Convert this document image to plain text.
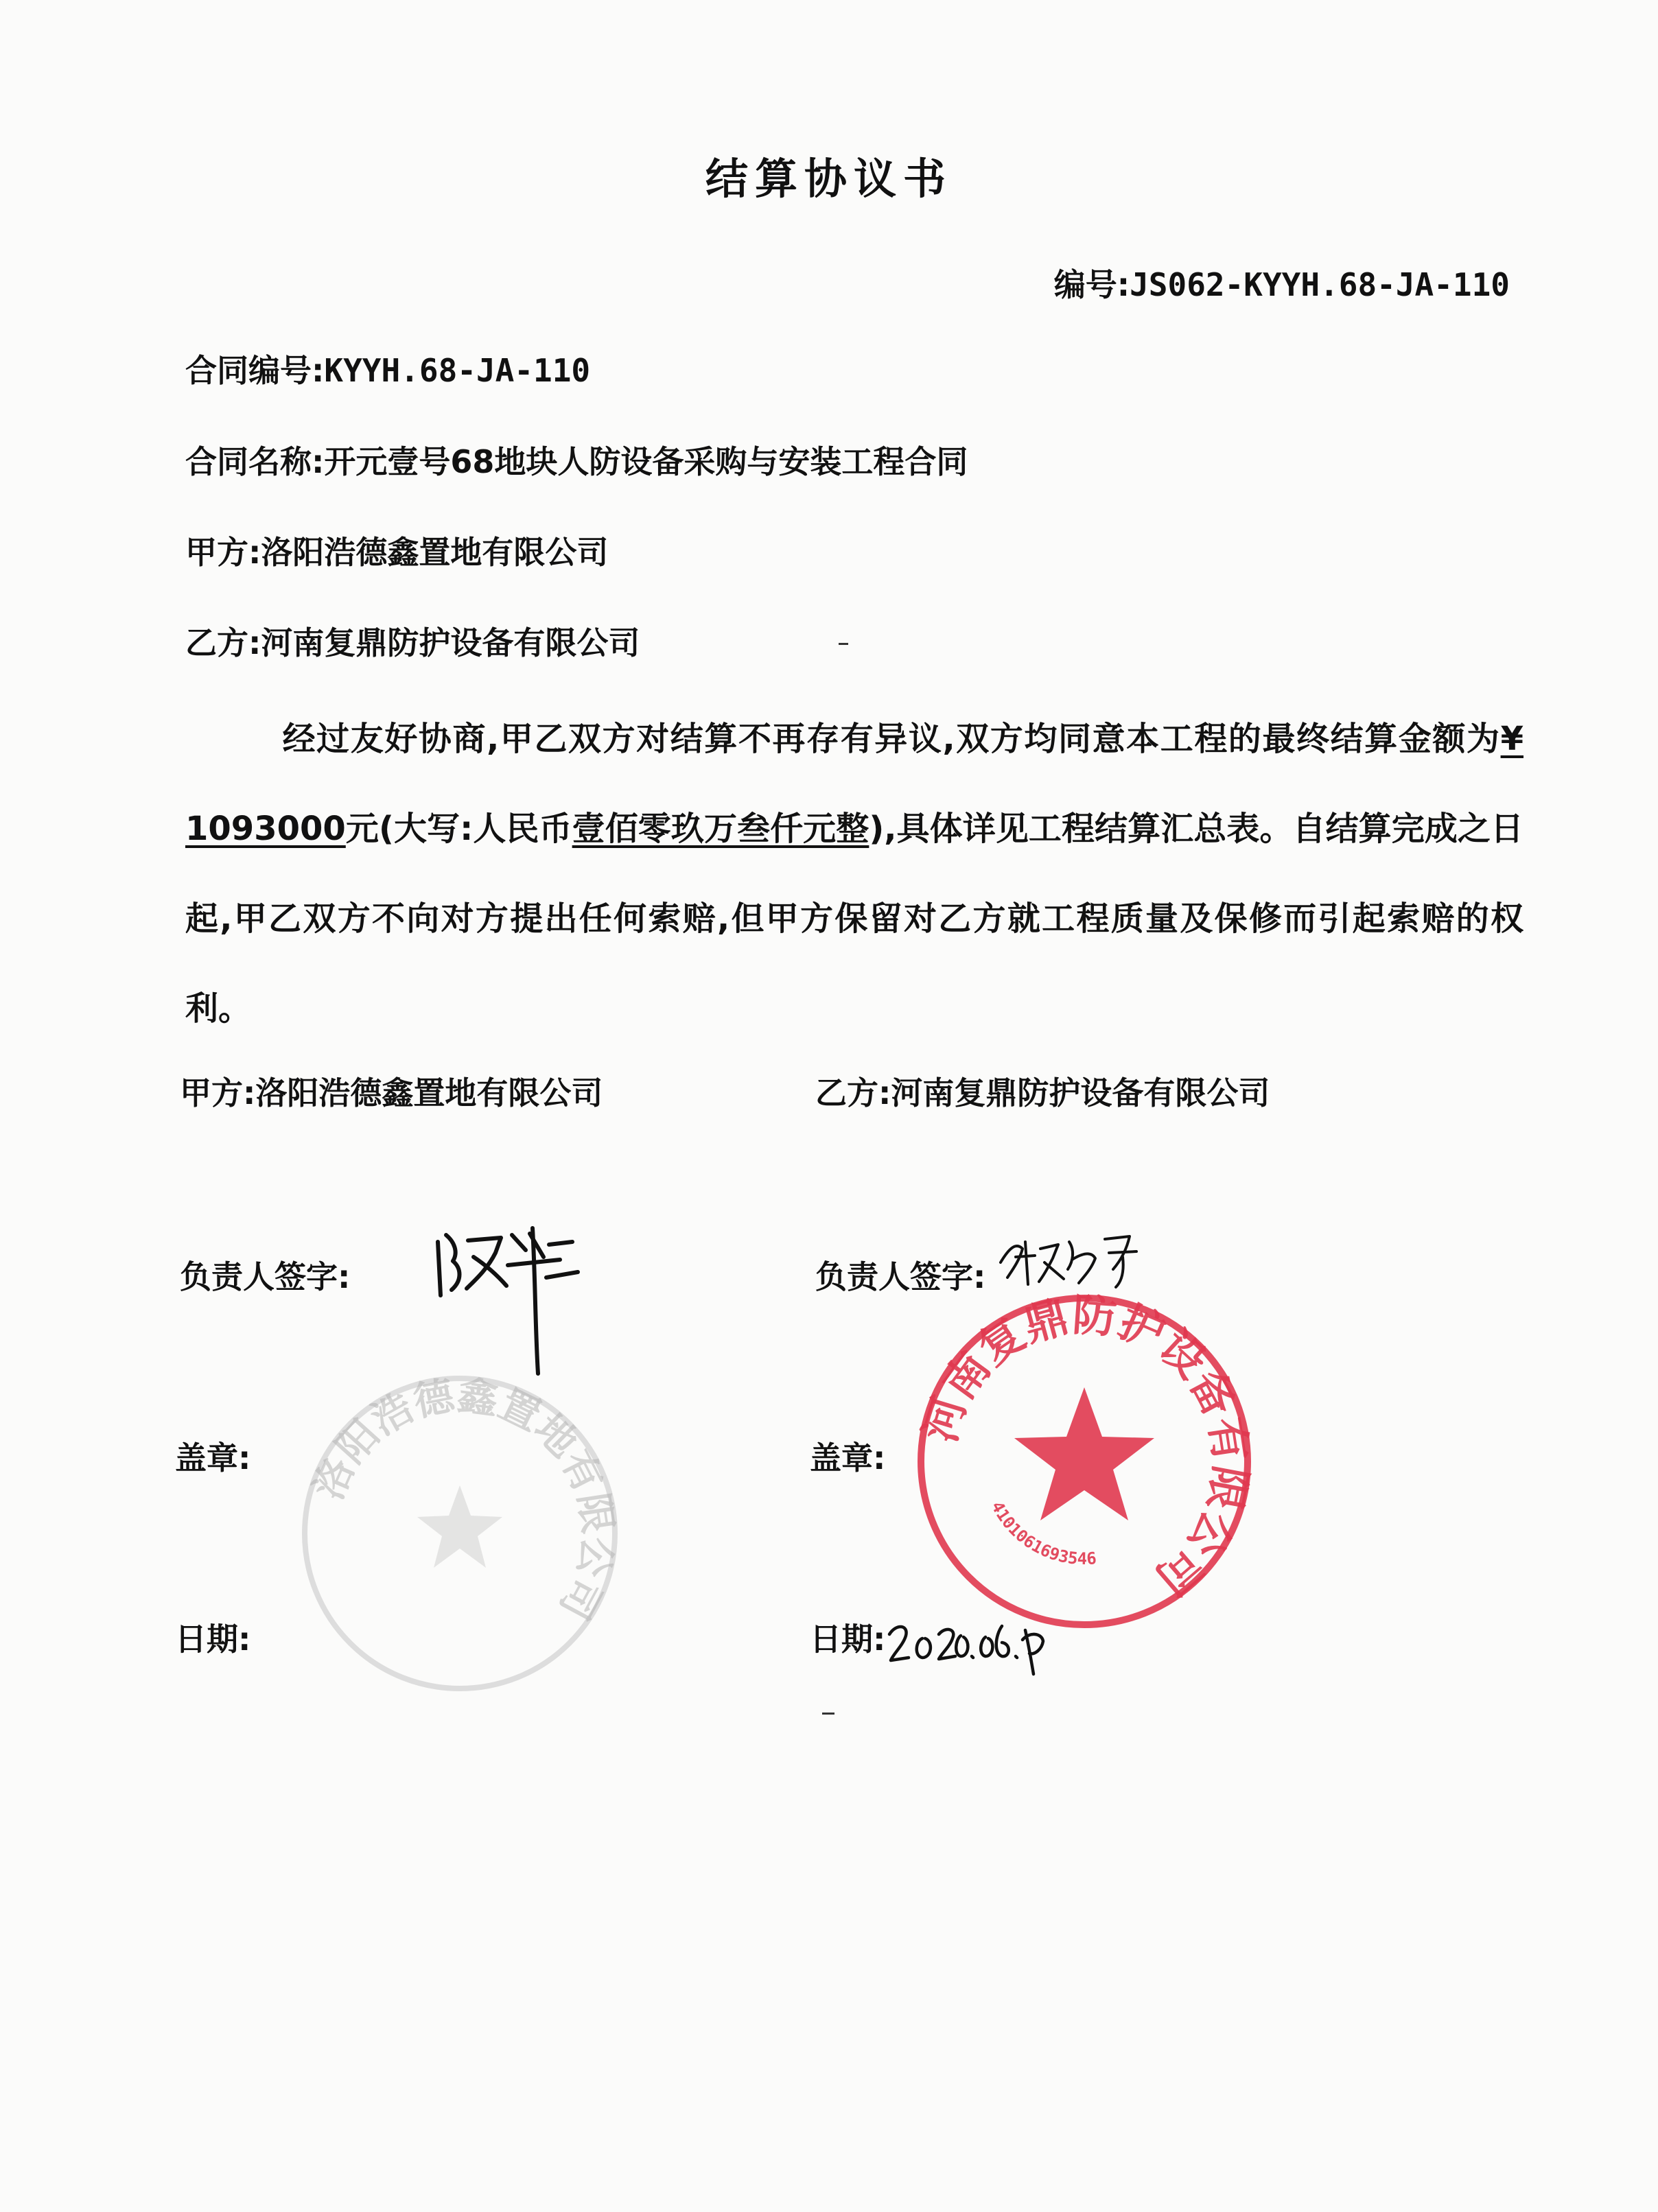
结算协议书
编号:JS062-KYYH.68-JA-110
合同编号:KYYH.68-JA-110
合同名称:开元壹号68地块人防设备采购与安装工程合同
甲方:洛阳浩德鑫置地有限公司
乙方:河南复鼎防护设备有限公司
经过友好协商,甲乙双方对结算不再存有异议,双方均同意本工程的最终结算金额为¥ 1093000元(大写:人民币壹佰零玖万叁仟元整),具体详见工程结算汇总表。自结算完成之日起,甲乙双方不向对方提出任何索赔,但甲方保留对乙方就工程质量及保修而引起索赔的权利。
甲方:洛阳浩德鑫置地有限公司	乙方:河南复鼎防护设备有限公司
负责人签字:	负责人签字:
盖章:	盖章:
日期:	日期:
河南复鼎防护设备有限公司
4101061693546
洛阳浩德鑫置地有限公司
